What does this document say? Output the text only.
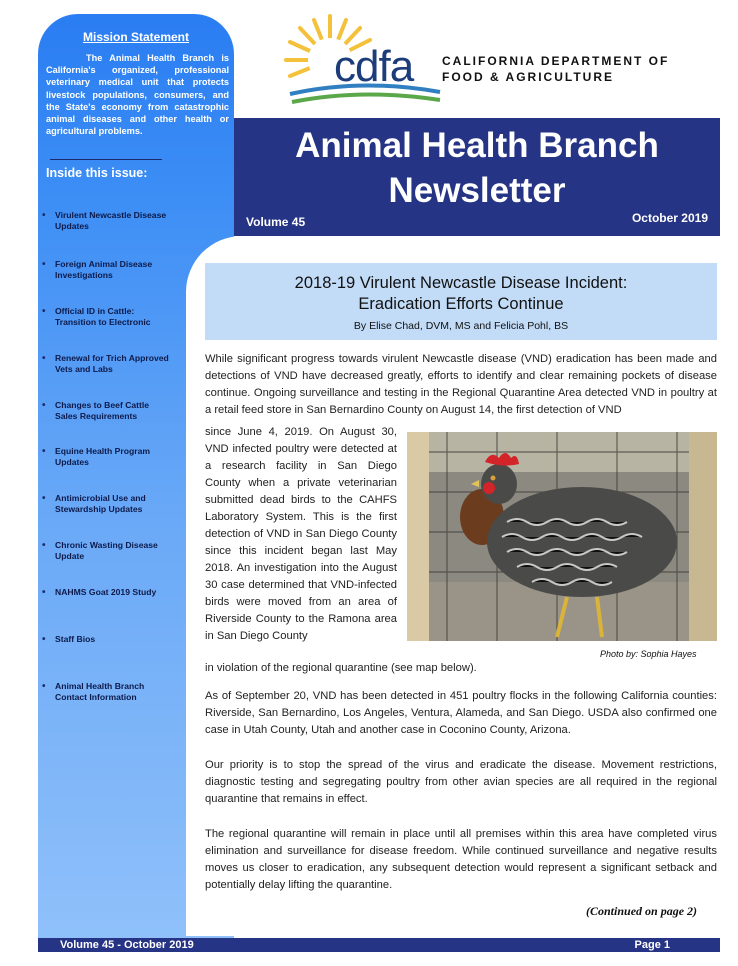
Mission Statement
The Animal Health Branch is California's organized, professional veterinary medical unit that protects livestock populations, consumers, and the State's economy from catastrophic animal diseases and other health or agricultural problems.
Inside this issue:
•	Virulent Newcastle Disease Updates
•	Foreign Animal Disease Investigations
•	Official ID in Cattle: Transition to Electronic
•	Renewal for Trich Approved Vets and Labs
•	Changes to Beef Cattle Sales Requirements
•	Equine Health Program Updates
•	Antimicrobial Use and Stewardship Updates
•	Chronic Wasting Disease Update
•	NAHMS Goat 2019 Study
•	Staff Bios
•	Animal Health Branch Contact Information
cdfa CALIFORNIA DEPARTMENT OF
FOOD & AGRICULTURE
Animal Health Branch
Newsletter
Volume 45	October 2019
2018-19 Virulent Newcastle Disease Incident:
Eradication Efforts Continue
By Elise Chad, DVM, MS and Felicia Pohl, BS

While significant progress towards virulent Newcastle disease (VND) eradication has been made and detections of VND have decreased greatly, efforts to identify and clear remaining pockets of disease continue. Ongoing surveillance and testing in the Regional Quarantine Area detected VND in poultry at a retail feed store in San Bernardino County on August 14, the first detection of VND

since June 4, 2019. On August 30, VND infected poultry were detected at a research facility in San Diego County when a private veterinarian submitted dead birds to the CAHFS Laboratory System. This is the first detection of VND in San Diego County since this incident began last May 2018. An investigation into the August 30 case determined that VND-infected birds were moved from an area of Riverside County to the Ramona area in San Diego County

Photo by: Sophia Hayes

in violation of the regional quarantine (see map below).

As of September 20, VND has been detected in 451 poultry flocks in the following California counties: Riverside, San Bernardino, Los Angeles, Ventura, Alameda, and San Diego. USDA also confirmed one case in Utah County, Utah and another case in Coconino County, Arizona.

Our priority is to stop the spread of the virus and eradicate the disease. Movement restrictions, diagnostic testing and segregating poultry from other avian species are all required in the regional quarantine that remains in effect.

The regional quarantine will remain in place until all premises within this area have completed virus elimination and surveillance for disease freedom. While continued surveillance and negative results moves us closer to eradication, any subsequent detection would represent a significant setback and potentially delay lifting the quarantine.

(Continued on page 2)
Volume 45 - October 2019	Page 1
